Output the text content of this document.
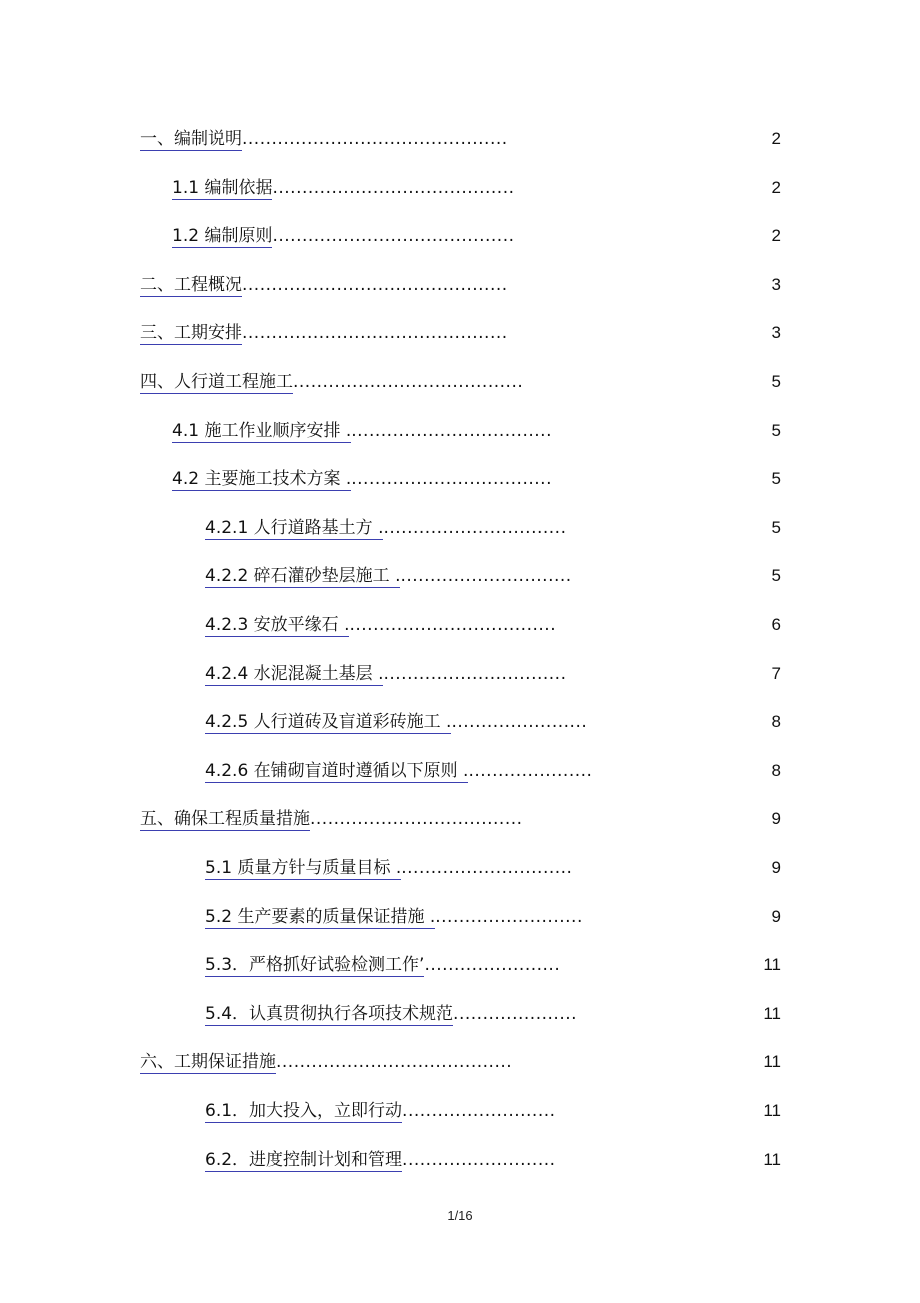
一、编制说明.............................................	2
1.1 编制依据.........................................	2
1.2 编制原则.........................................	2
二、工程概况.............................................	3
三、工期安排.............................................	3
四、人行道工程施工.......................................	5
4.1 施工作业顺序安排 ...................................	5
4.2 主要施工技术方案 ...................................	5
4.2.1 人行道路基土方 ................................	5
4.2.2 碎石灌砂垫层施工 ..............................	5
4.2.3 安放平缘石 ....................................	6
4.2.4 水泥混凝土基层 ................................	7
4.2.5 人行道砖及盲道彩砖施工 ........................	8
4.2.6 在铺砌盲道时遵循以下原则 ......................	8
五、确保工程质量措施....................................	9
5.1 质量方针与质量目标 ..............................	9
5.2 生产要素的质量保证措施 ..........................	9
5.3．严格抓好试验检测工作’.......................	11
5.4．认真贯彻执行各项技术规范.....................	11
六、工期保证措施........................................	11
6.1．加大投入，立即行动..........................	11
6.2．进度控制计划和管理..........................	11
1/16
